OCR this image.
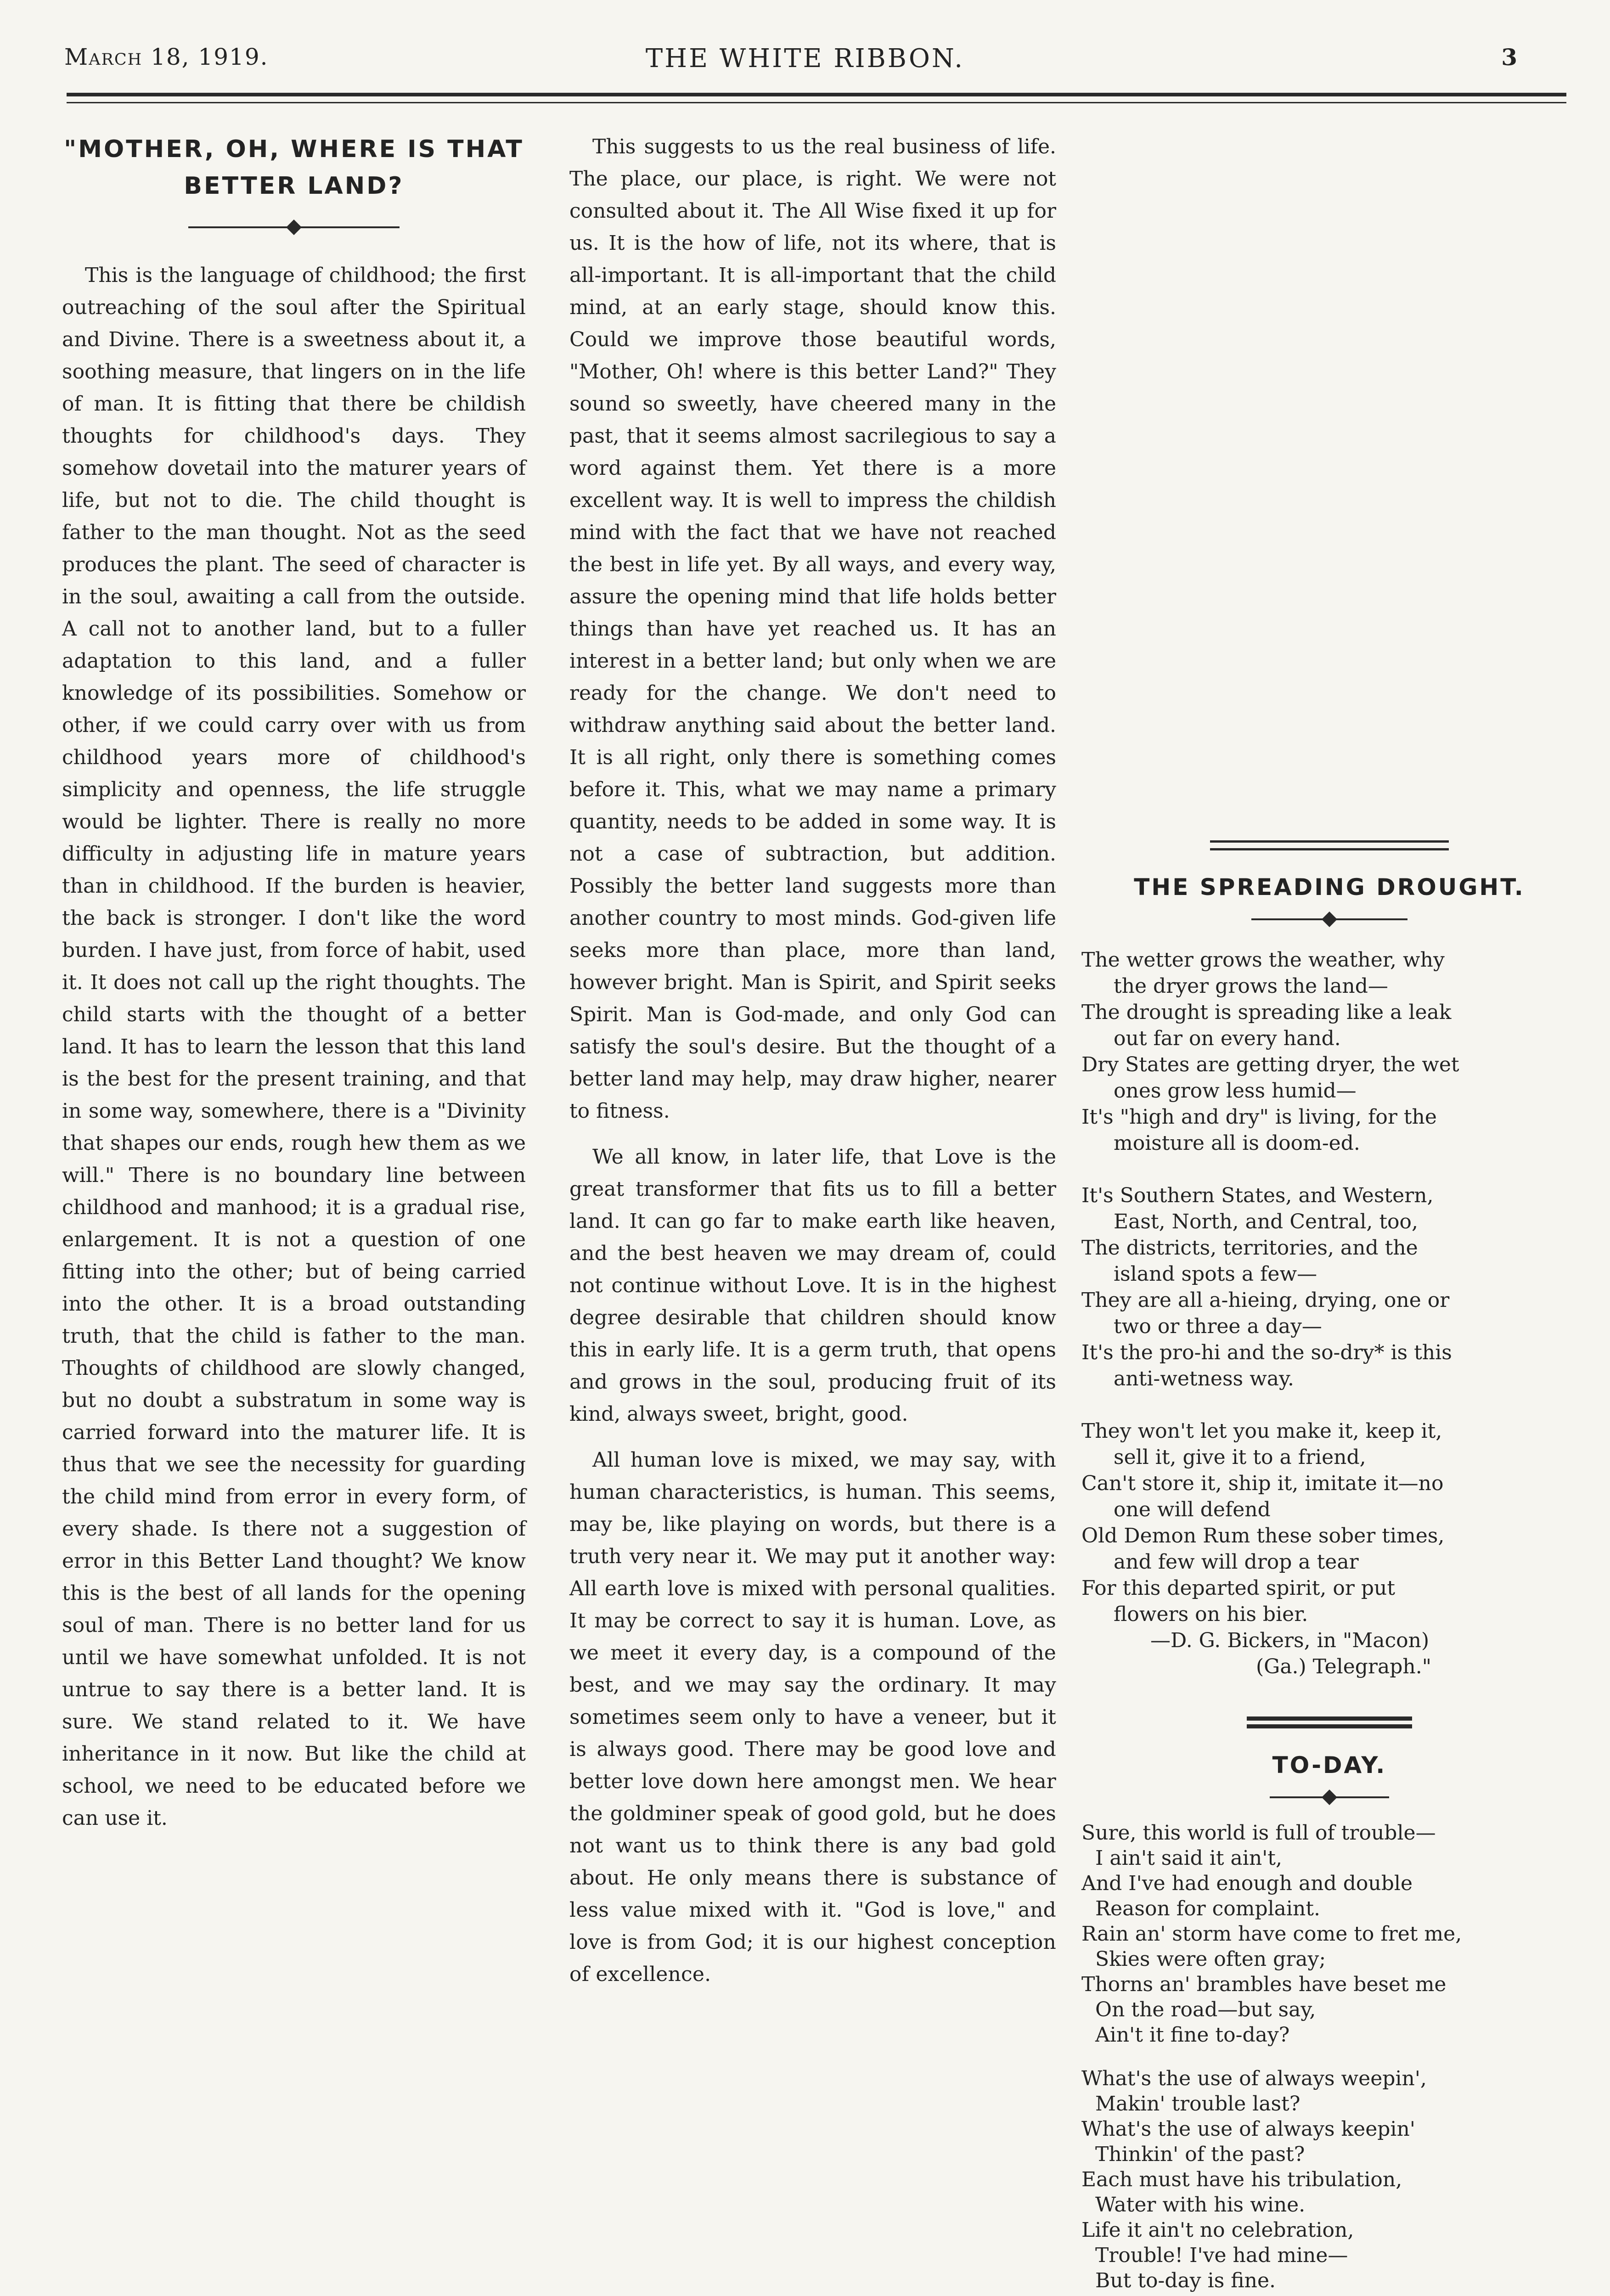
March 18, 1919.	THE WHITE RIBBON.	3
"MOTHER, OH, WHERE IS THAT
BETTER LAND?

This is the language of childhood; the first outreaching of the soul after the Spiritual and Divine. There is a sweetness about it, a soothing measure, that lingers on in the life of man. It is fitting that there be childish thoughts for childhood's days. They somehow dovetail into the maturer years of life, but not to die. The child thought is father to the man thought. Not as the seed produces the plant. The seed of character is in the soul, awaiting a call from the outside. A call not to another land, but to a fuller adaptation to this land, and a fuller knowledge of its possibilities. Somehow or other, if we could carry over with us from childhood years more of childhood's simplicity and openness, the life struggle would be lighter. There is really no more difficulty in adjusting life in mature years than in childhood. If the burden is heavier, the back is stronger. I don't like the word burden. I have just, from force of habit, used it. It does not call up the right thoughts. The child starts with the thought of a better land. It has to learn the lesson that this land is the best for the present training, and that in some way, somewhere, there is a "Divinity that shapes our ends, rough hew them as we will." There is no boundary line between childhood and manhood; it is a gradual rise, enlargement. It is not a question of one fitting into the other; but of being carried into the other. It is a broad outstanding truth, that the child is father to the man. Thoughts of childhood are slowly changed, but no doubt a substratum in some way is carried forward into the maturer life. It is thus that we see the necessity for guarding the child mind from error in every form, of every shade. Is there not a suggestion of error in this Better Land thought? We know this is the best of all lands for the opening soul of man. There is no better land for us until we have somewhat unfolded. It is not untrue to say there is a better land. It is sure. We stand related to it. We have inheritance in it now. But like the child at school, we need to be educated before we can use it.

This suggests to us the real business of life. The place, our place, is right. We were not consulted about it. The All Wise fixed it up for us. It is the how of life, not its where, that is all-important. It is all-important that the child mind, at an early stage, should know this. Could we improve those beautiful words, "Mother, Oh! where is this better Land?" They sound so sweetly, have cheered many in the past, that it seems almost sacrilegious to say a word against them. Yet there is a more excellent way. It is well to impress the childish mind with the fact that we have not reached the best in life yet. By all ways, and every way, assure the opening mind that life holds better things than have yet reached us. It has an interest in a better land; but only when we are ready for the change. We don't need to withdraw anything said about the better land. It is all right, only there is something comes before it. This, what we may name a primary quantity, needs to be added in some way. It is not a case of subtraction, but addition. Possibly the better land suggests more than another country to most minds. God-given life seeks more than place, more than land, however bright. Man is Spirit, and Spirit seeks Spirit. Man is God-made, and only God can satisfy the soul's desire. But the thought of a better land may help, may draw higher, nearer to fitness.

We all know, in later life, that Love is the great transformer that fits us to fill a better land. It can go far to make earth like heaven, and the best heaven we may dream of, could not continue without Love. It is in the highest degree desirable that children should know this in early life. It is a germ truth, that opens and grows in the soul, producing fruit of its kind, always sweet, bright, good.

All human love is mixed, we may say, with human characteristics, is human. This seems, may be, like playing on words, but there is a truth very near it. We may put it another way: All earth love is mixed with personal qualities. It may be correct to say it is human. Love, as we meet it every day, is a compound of the best, and we may say the ordinary. It may sometimes seem only to have a veneer, but it is always good. There may be good love and better love down here amongst men. We hear the goldminer speak of good gold, but he does not want us to think there is any bad gold about. He only means there is substance of less value mixed with it. "God is love," and love is from God; it is our highest conception of excellence.

THE SPREADING DROUGHT.
The wetter grows the weather, why
the dryer grows the land—
The drought is spreading like a leak
out far on every hand.
Dry States are getting dryer, the wet
ones grow less humid—
It's "high and dry" is living, for the
moisture all is doom-ed.
It's Southern States, and Western,
East, North, and Central, too,
The districts, territories, and the
island spots a few—
They are all a-hieing, drying, one or
two or three a day—
It's the pro-hi and the so-dry* is this
anti-wetness way.
They won't let you make it, keep it,
sell it, give it to a friend,
Can't store it, ship it, imitate it—no
one will defend
Old Demon Rum these sober times,
and few will drop a tear
For this departed spirit, or put
flowers on his bier.
—D. G. Bickers, in "Macon)
(Ga.) Telegraph."
TO-DAY.
Sure, this world is full of trouble—
I ain't said it ain't,
And I've had enough and double
Reason for complaint.
Rain an' storm have come to fret me,
Skies were often gray;
Thorns an' brambles have beset me
On the road—but say,
Ain't it fine to-day?
What's the use of always weepin',
Makin' trouble last?
What's the use of always keepin'
Thinkin' of the past?
Each must have his tribulation,
Water with his wine.
Life it ain't no celebration,
Trouble! I've had mine—
But to-day is fine.
